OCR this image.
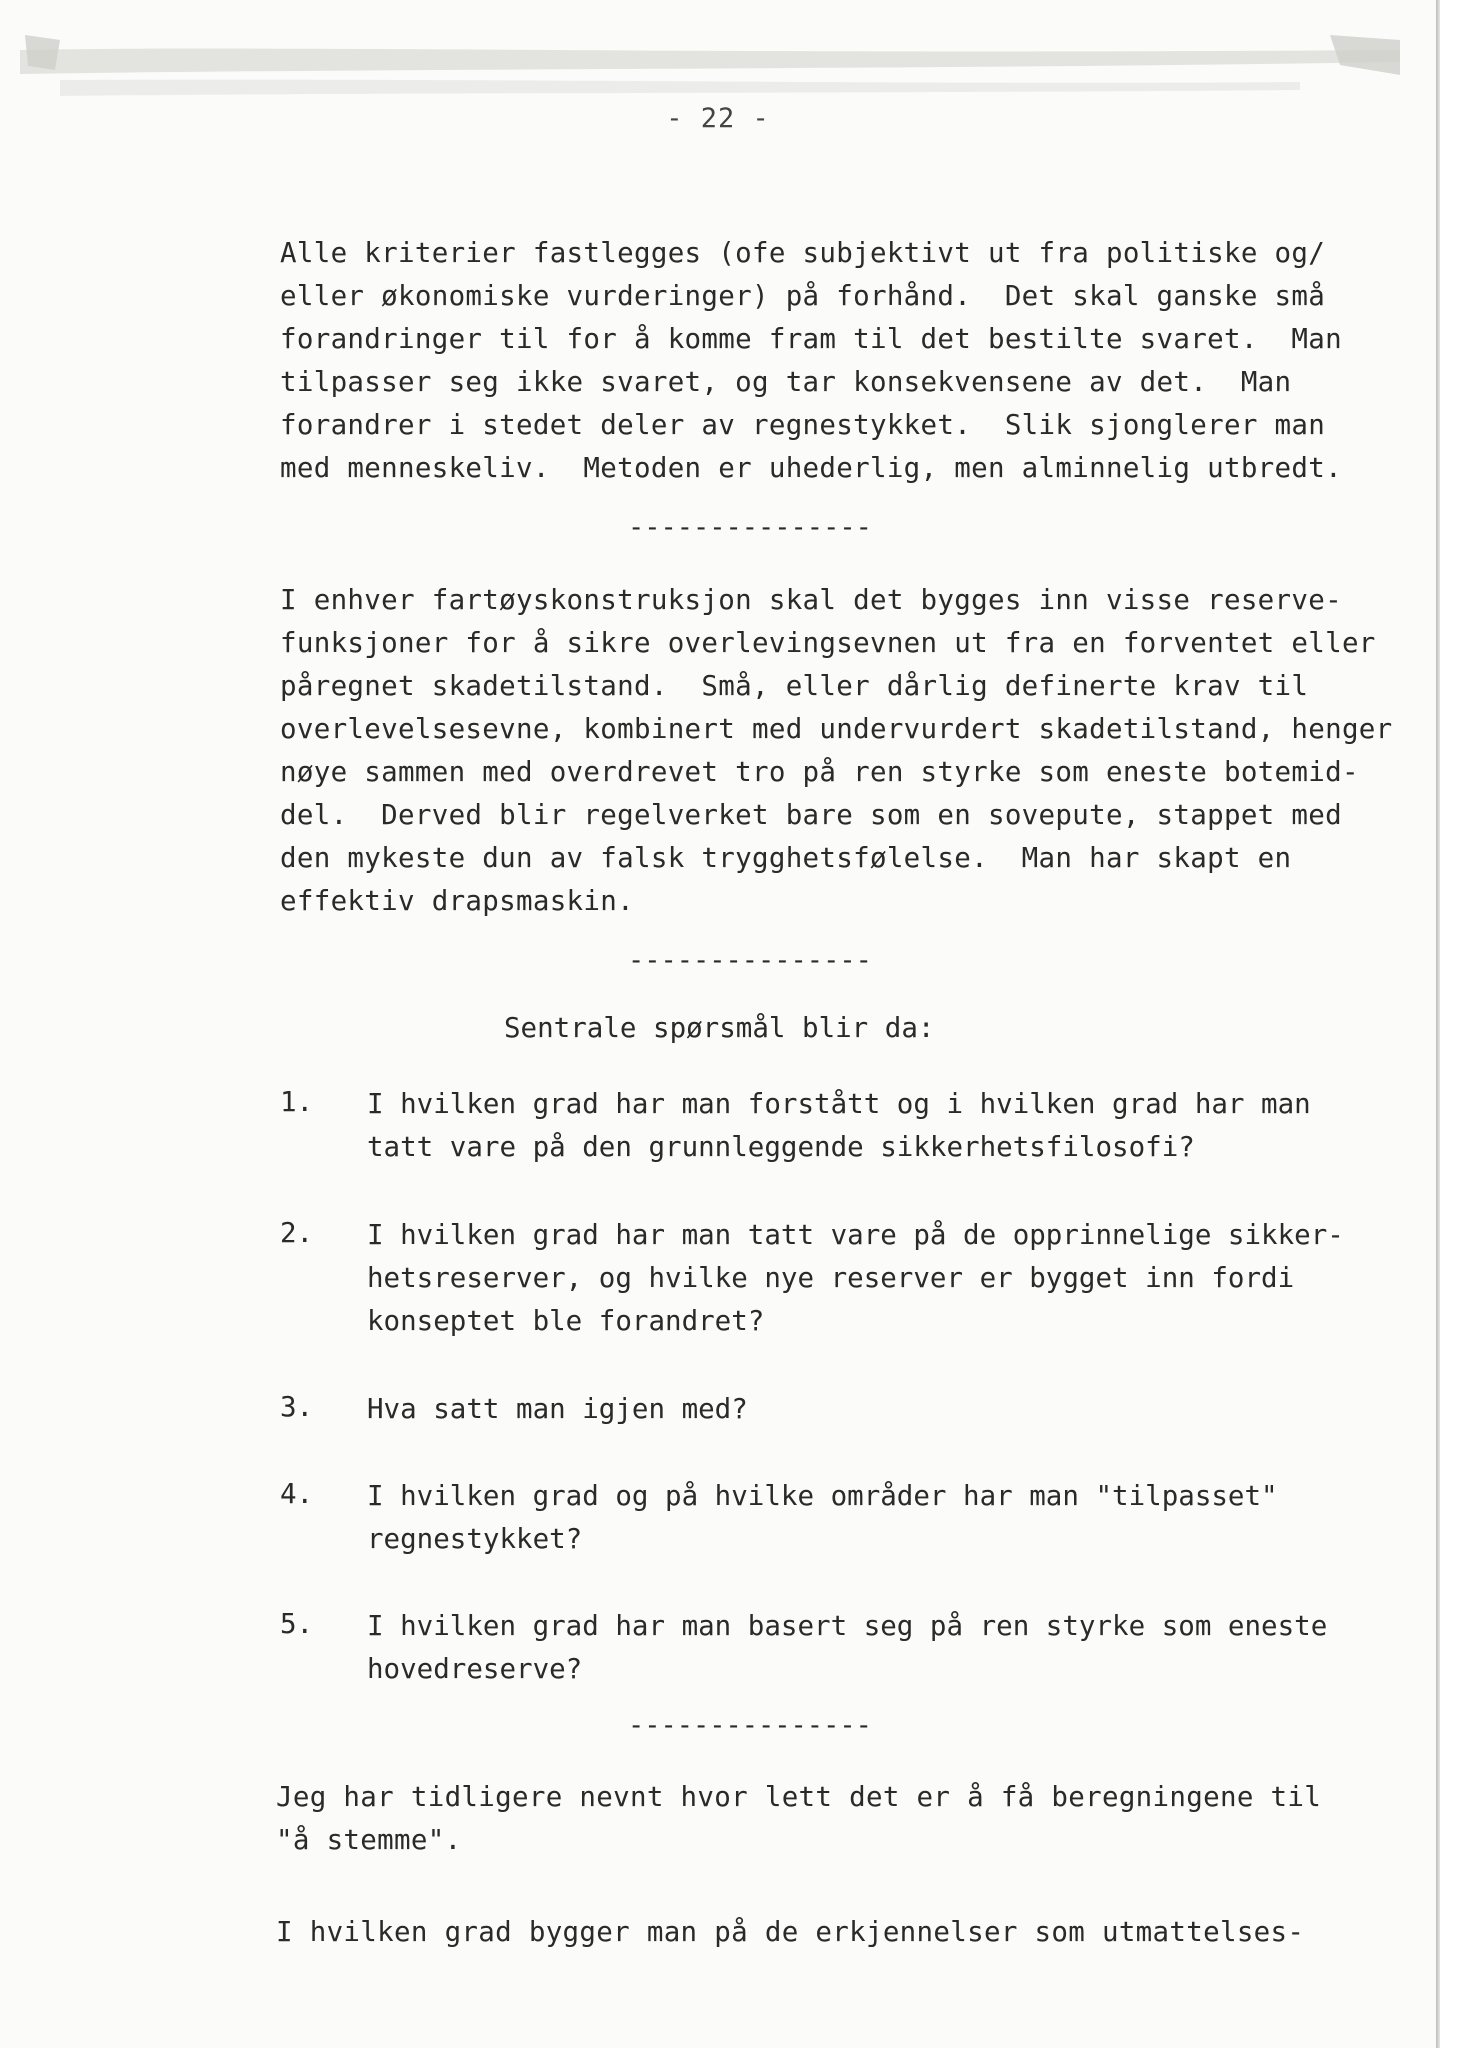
- 22 -
Alle kriterier fastlegges (ofe subjektivt ut fra politiske og/
eller økonomiske vurderinger) på forhånd.  Det skal ganske små
forandringer til for å komme fram til det bestilte svaret.  Man
tilpasser seg ikke svaret, og tar konsekvensene av det.  Man
forandrer i stedet deler av regnestykket.  Slik sjonglerer man
med menneskeliv.  Metoden er uhederlig, men alminnelig utbredt.
---------------
I enhver fartøyskonstruksjon skal det bygges inn visse reserve-
funksjoner for å sikre overlevingsevnen ut fra en forventet eller
påregnet skadetilstand.  Små, eller dårlig definerte krav til
overlevelsesevne, kombinert med undervurdert skadetilstand, henger
nøye sammen med overdrevet tro på ren styrke som eneste botemid-
del.  Derved blir regelverket bare som en sovepute, stappet med
den mykeste dun av falsk trygghetsfølelse.  Man har skapt en
effektiv drapsmaskin.
---------------
Sentrale spørsmål blir da:
1. I hvilken grad har man forstått og i hvilken grad har man
tatt vare på den grunnleggende sikkerhetsfilosofi?
2. I hvilken grad har man tatt vare på de opprinnelige sikker-
hetsreserver, og hvilke nye reserver er bygget inn fordi
konseptet ble forandret?
3. Hva satt man igjen med?
4. I hvilken grad og på hvilke områder har man "tilpasset"
regnestykket?
5. I hvilken grad har man basert seg på ren styrke som eneste
hovedreserve?
---------------
Jeg har tidligere nevnt hvor lett det er å få beregningene til
"å stemme".
I hvilken grad bygger man på de erkjennelser som utmattelses-
